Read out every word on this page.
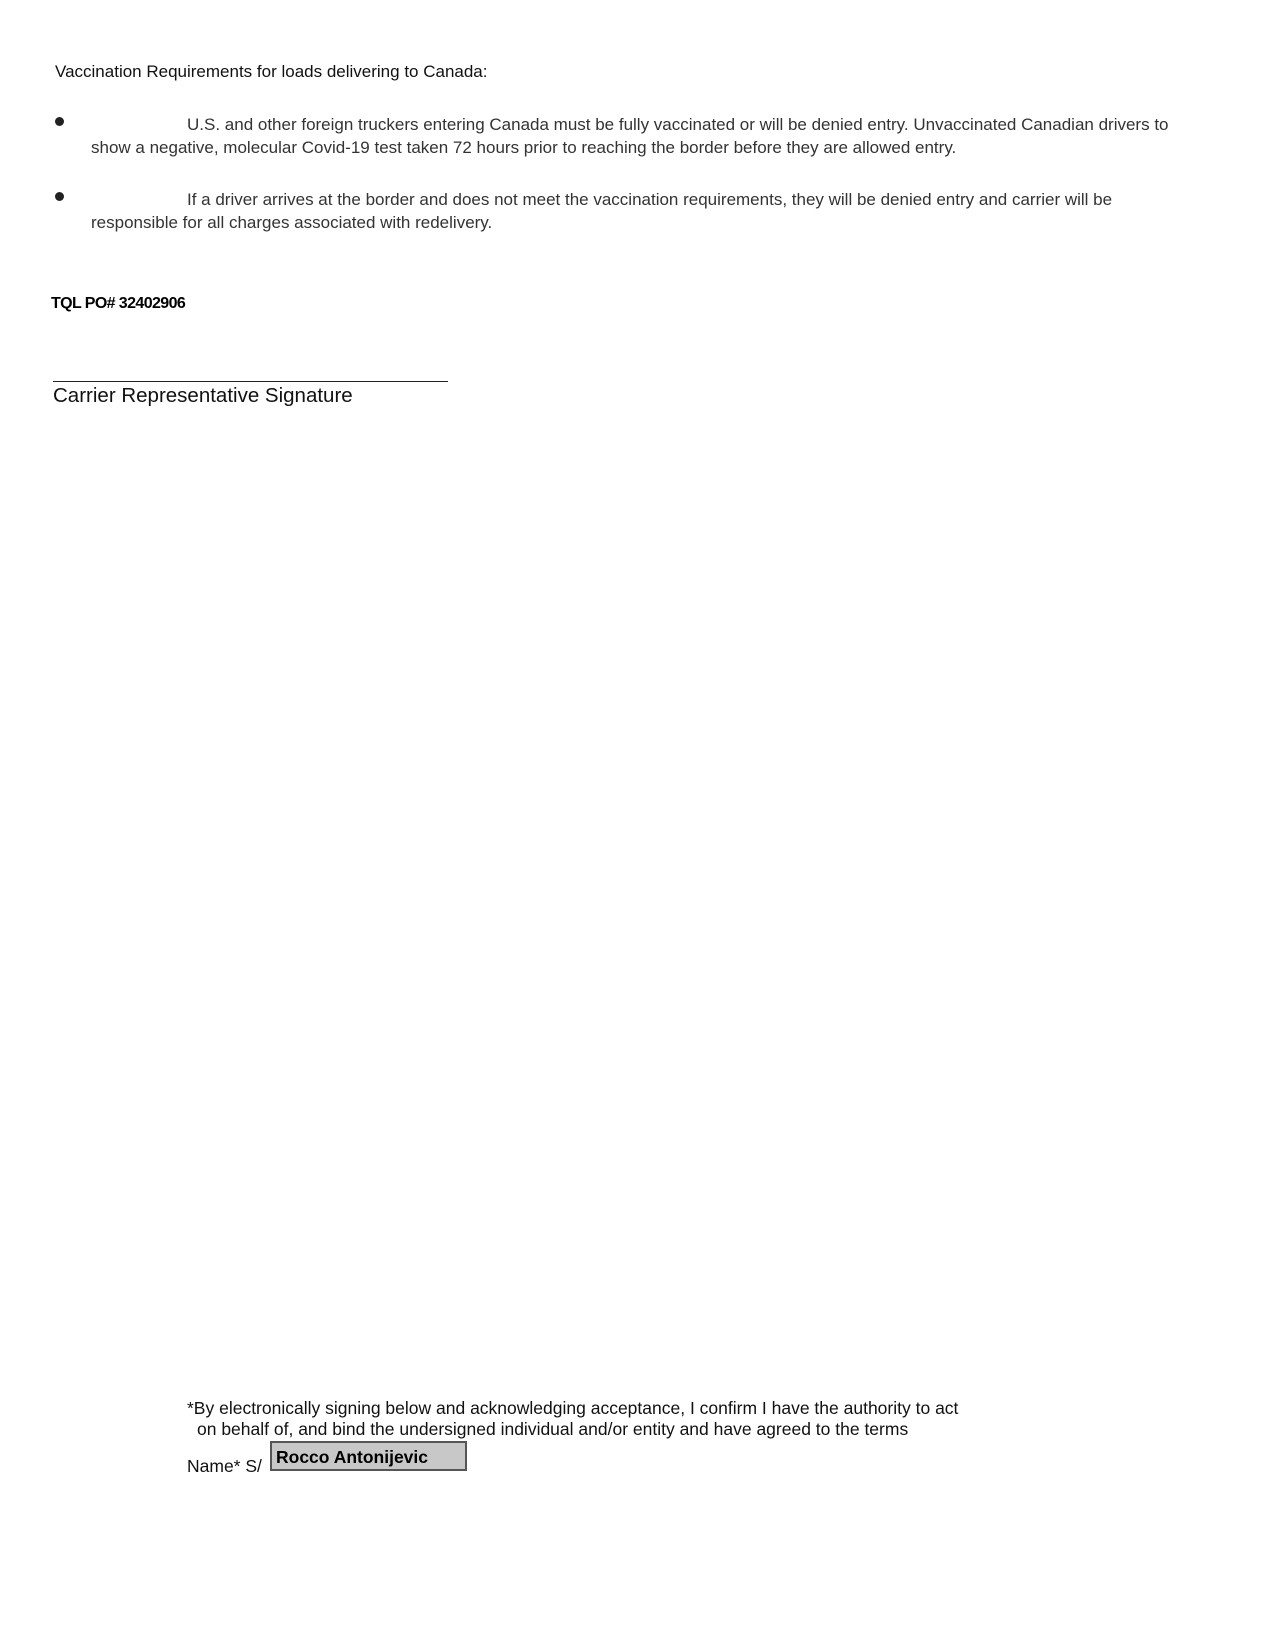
Vaccination Requirements for loads delivering to Canada:
U.S. and other foreign truckers entering Canada must be fully vaccinated or will be denied entry. Unvaccinated Canadian drivers to show a negative, molecular Covid-19 test taken 72 hours prior to reaching the border before they are allowed entry.
If a driver arrives at the border and does not meet the vaccination requirements, they will be denied entry and carrier will be responsible for all charges associated with redelivery.
TQL PO# 32402906
Carrier Representative Signature
*By electronically signing below and acknowledging acceptance, I confirm I have the authority to act
on behalf of, and bind the undersigned individual and/or entity and have agreed to the terms
Name* S/ Rocco Antonijevic
